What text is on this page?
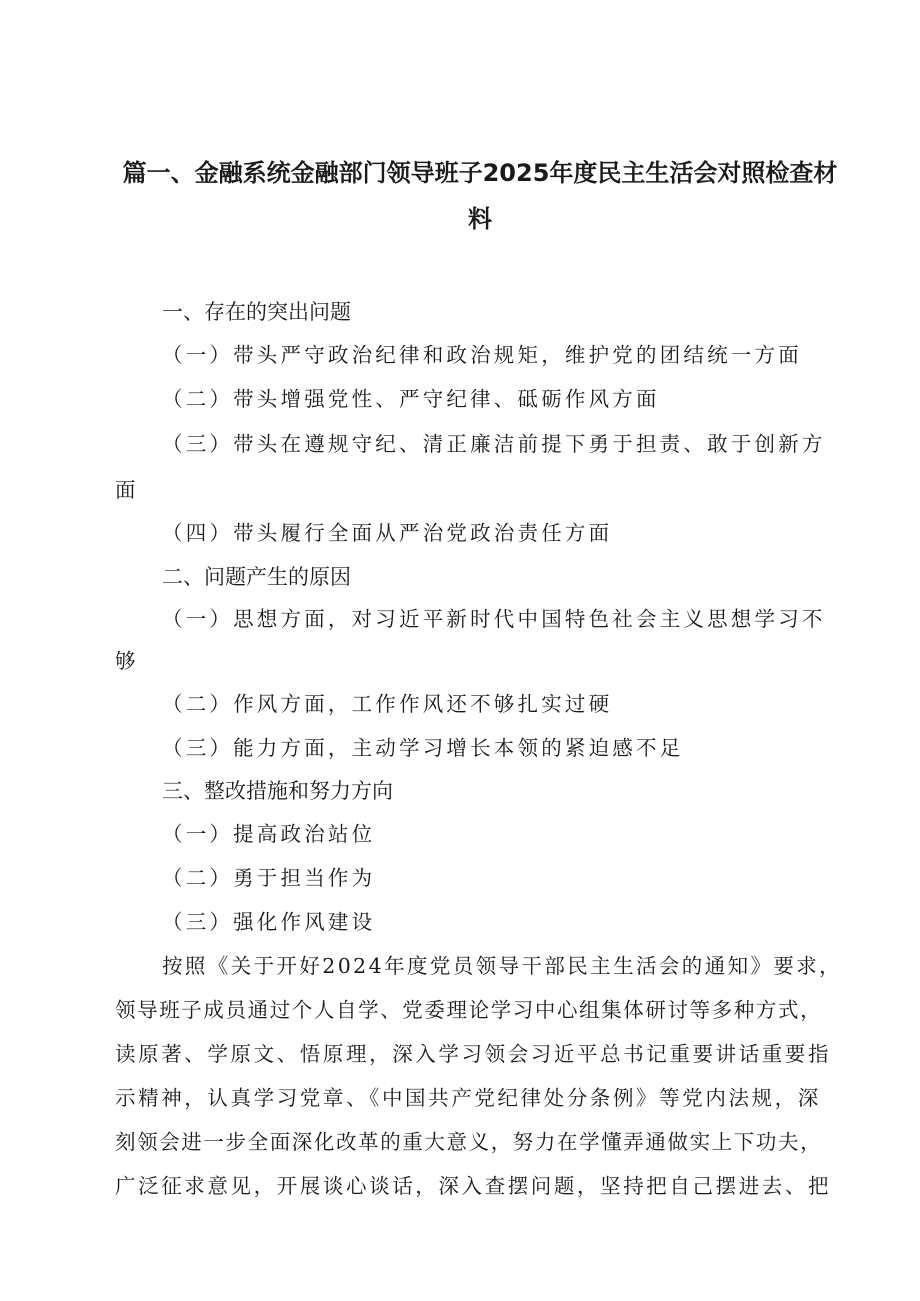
篇一、金融系统金融部门领导班子2025年度民主生活会对照检查材
料
一、存在的突出问题
（一）带头严守政治纪律和政治规矩，维护党的团结统一方面
（二）带头增强党性、严守纪律、砥砺作风方面
（三）带头在遵规守纪、清正廉洁前提下勇于担责、敢于创新方
面
（四）带头履行全面从严治党政治责任方面
二、问题产生的原因
（一）思想方面，对习近平新时代中国特色社会主义思想学习不
够
（二）作风方面，工作作风还不够扎实过硬
（三）能力方面，主动学习增长本领的紧迫感不足
三、整改措施和努力方向
（一）提高政治站位
（二）勇于担当作为
（三）强化作风建设
按照《关于开好2024年度党员领导干部民主生活会的通知》要求，
领导班子成员通过个人自学、党委理论学习中心组集体研讨等多种方式，
读原著、学原文、悟原理，深入学习领会习近平总书记重要讲话重要指
示精神，认真学习党章、《中国共产党纪律处分条例》等党内法规，深
刻领会进一步全面深化改革的重大意义，努力在学懂弄通做实上下功夫，
广泛征求意见，开展谈心谈话，深入查摆问题，坚持把自己摆进去、把
